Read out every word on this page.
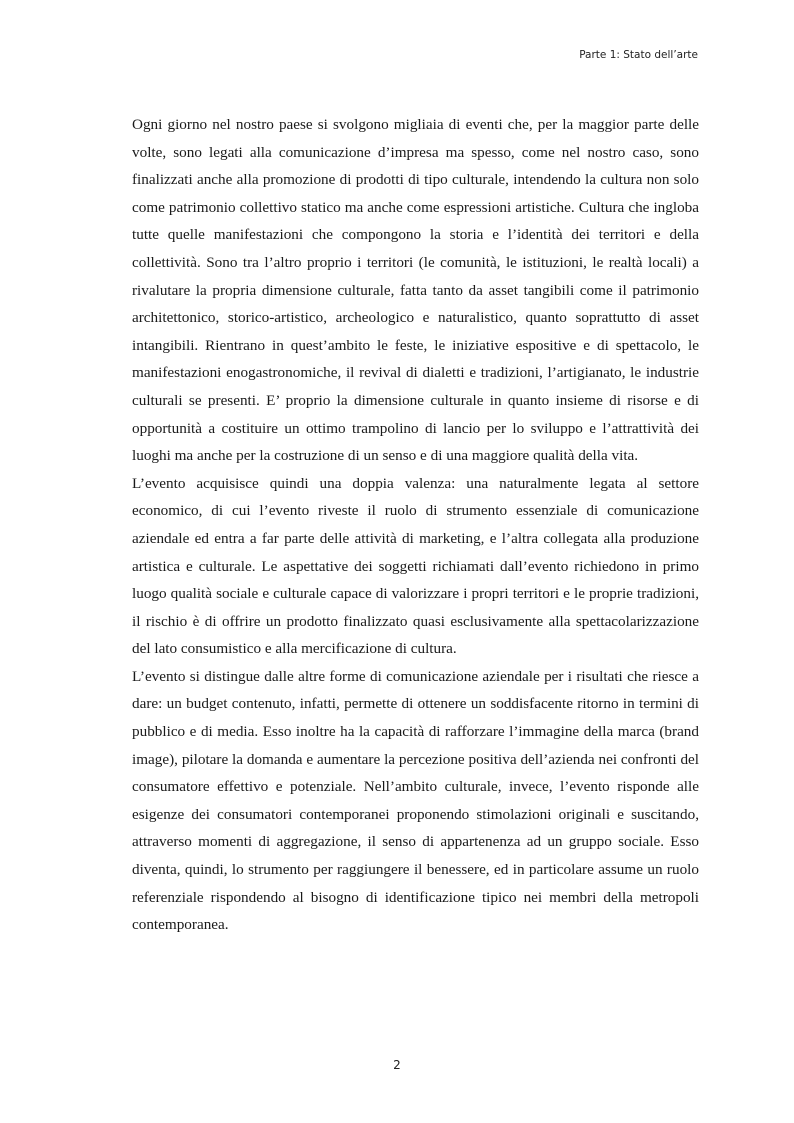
Parte 1: Stato dell’arte

Ogni giorno nel nostro paese si svolgono migliaia di eventi che, per la maggior parte delle volte, sono legati alla comunicazione d’impresa ma spesso, come nel nostro caso, sono finalizzati anche alla promozione di prodotti di tipo culturale, intendendo la cultura non solo come patrimonio collettivo statico ma anche come espressioni artistiche. Cultura che ingloba tutte quelle manifestazioni che compongono la storia e l’identità dei territori e della collettività. Sono tra l’altro proprio i territori (le comunità, le istituzioni, le realtà locali) a rivalutare la propria dimensione culturale, fatta tanto da asset tangibili come il patrimonio architettonico, storico-artistico, archeologico e naturalistico, quanto soprattutto di asset intangibili. Rientrano in quest’ambito le feste, le iniziative espositive e di spettacolo, le manifestazioni enogastronomiche, il revival di dialetti e tradizioni, l’artigianato, le industrie culturali se presenti. E’ proprio la dimensione culturale in quanto insieme di risorse e di opportunità a costituire un ottimo trampolino di lancio per lo sviluppo e l’attrattività dei luoghi ma anche per la costruzione di un senso e di una maggiore qualità della vita.

L’evento acquisisce quindi una doppia valenza: una naturalmente legata al settore economico, di cui l’evento riveste il ruolo di strumento essenziale di comunicazione aziendale ed entra a far parte delle attività di marketing, e l’altra collegata alla produzione artistica e culturale. Le aspettative dei soggetti richiamati dall’evento richiedono in primo luogo qualità sociale e culturale capace di valorizzare i propri territori e le proprie tradizioni, il rischio è di offrire un prodotto finalizzato quasi esclusivamente alla spettacolarizzazione del lato consumistico e alla mercificazione di cultura.

L’evento si distingue dalle altre forme di comunicazione aziendale per i risultati che riesce a dare: un budget contenuto, infatti, permette di ottenere un soddisfacente ritorno in termini di pubblico e di media. Esso inoltre ha la capacità di rafforzare l’immagine della marca (brand image), pilotare la domanda e aumentare la percezione positiva dell’azienda nei confronti del consumatore effettivo e potenziale. Nell’ambito culturale, invece, l’evento risponde alle esigenze dei consumatori contemporanei proponendo stimolazioni originali e suscitando, attraverso momenti di aggregazione, il senso di appartenenza ad un gruppo sociale. Esso diventa, quindi, lo strumento per raggiungere il benessere, ed in particolare assume un ruolo referenziale rispondendo al bisogno di identificazione tipico nei membri della metropoli contemporanea.

2
